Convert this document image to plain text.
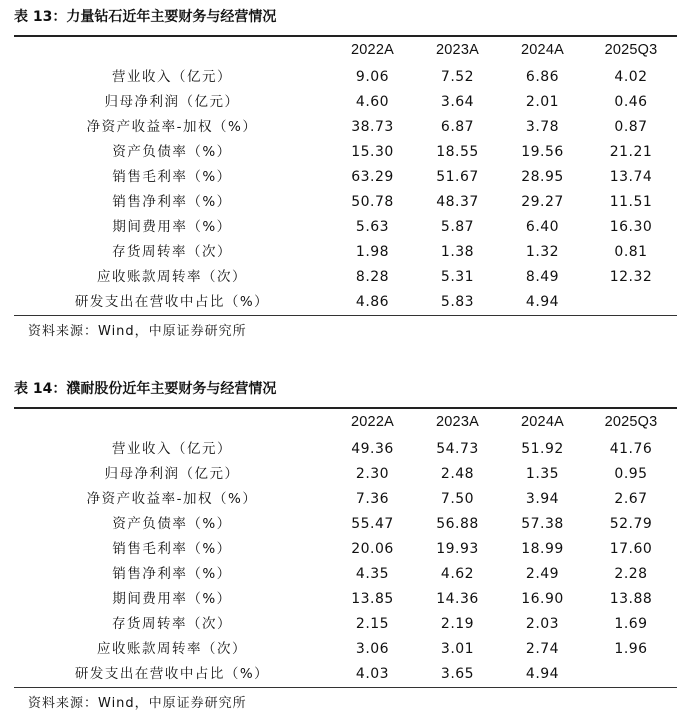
表 13：力量钻石近年主要财务与经营情况
2022A	2023A	2024A	2025Q3
营业收入（亿元）	9.06	7.52	6.86	4.02
归母净利润（亿元）	4.60	3.64	2.01	0.46
净资产收益率-加权（%）	38.73	6.87	3.78	0.87
资产负债率（%）	15.30	18.55	19.56	21.21
销售毛利率（%）	63.29	51.67	28.95	13.74
销售净利率（%）	50.78	48.37	29.27	11.51
期间费用率（%）	5.63	5.87	6.40	16.30
存货周转率（次）	1.98	1.38	1.32	0.81
应收账款周转率（次）	8.28	5.31	8.49	12.32
研发支出在营收中占比（%）	4.86	5.83	4.94
资料来源：Wind，中原证券研究所
表 14：濮耐股份近年主要财务与经营情况
2022A	2023A	2024A	2025Q3
营业收入（亿元）	49.36	54.73	51.92	41.76
归母净利润（亿元）	2.30	2.48	1.35	0.95
净资产收益率-加权（%）	7.36	7.50	3.94	2.67
资产负债率（%）	55.47	56.88	57.38	52.79
销售毛利率（%）	20.06	19.93	18.99	17.60
销售净利率（%）	4.35	4.62	2.49	2.28
期间费用率（%）	13.85	14.36	16.90	13.88
存货周转率（次）	2.15	2.19	2.03	1.69
应收账款周转率（次）	3.06	3.01	2.74	1.96
研发支出在营收中占比（%）	4.03	3.65	4.94
资料来源：Wind，中原证券研究所
